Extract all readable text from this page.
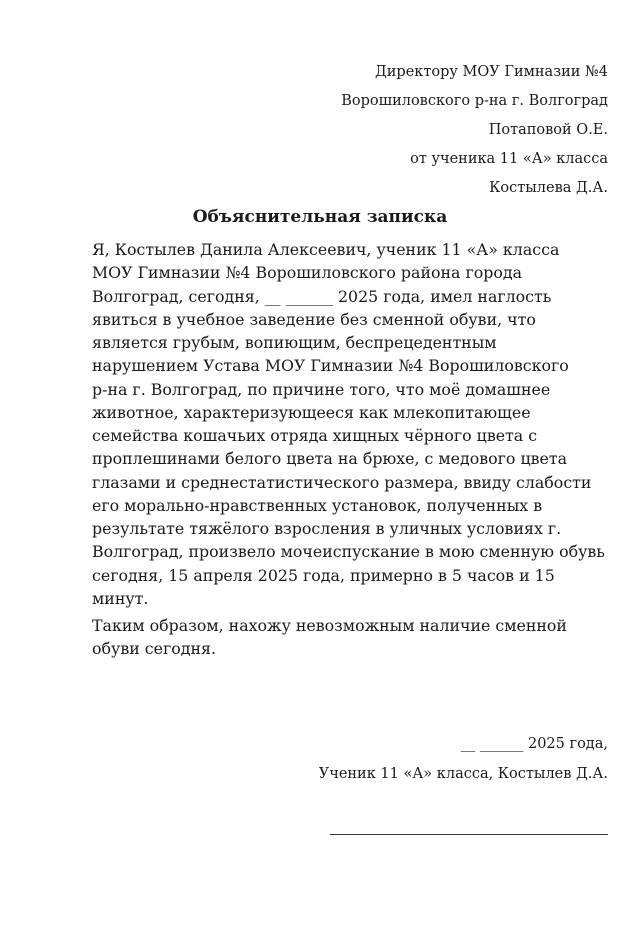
Директору МОУ Гимназии №4
Ворошиловского р-на г. Волгоград
Потаповой О.Е.
от ученика 11 «А» класса
Костылева Д.А.
Объяснительная записка
Я, Костылев Данила Алексеевич, ученик 11 «А» класса
МОУ Гимназии №4 Ворошиловского района города
Волгоград, сегодня, __ ______ 2025 года, имел наглость
явиться в учебное заведение без сменной обуви, что
является грубым, вопиющим, беспрецедентным
нарушением Устава МОУ Гимназии №4 Ворошиловского
р-на г. Волгоград, по причине того, что моё домашнее
животное, характеризующееся как млекопитающее
семейства кошачьих отряда хищных чёрного цвета с
проплешинами белого цвета на брюхе, с медового цвета
глазами и среднестатистического размера, ввиду слабости
его морально-нравственных установок, полученных в
результате тяжёлого взросления в уличных условиях г.
Волгоград, произвело мочеиспускание в мою сменную обувь
сегодня, 15 апреля 2025 года, примерно в 5 часов и 15
минут.
Таким образом, нахожу невозможным наличие сменной
обуви сегодня.
__ ______ 2025 года,
Ученик 11 «А» класса, Костылев Д.А.
